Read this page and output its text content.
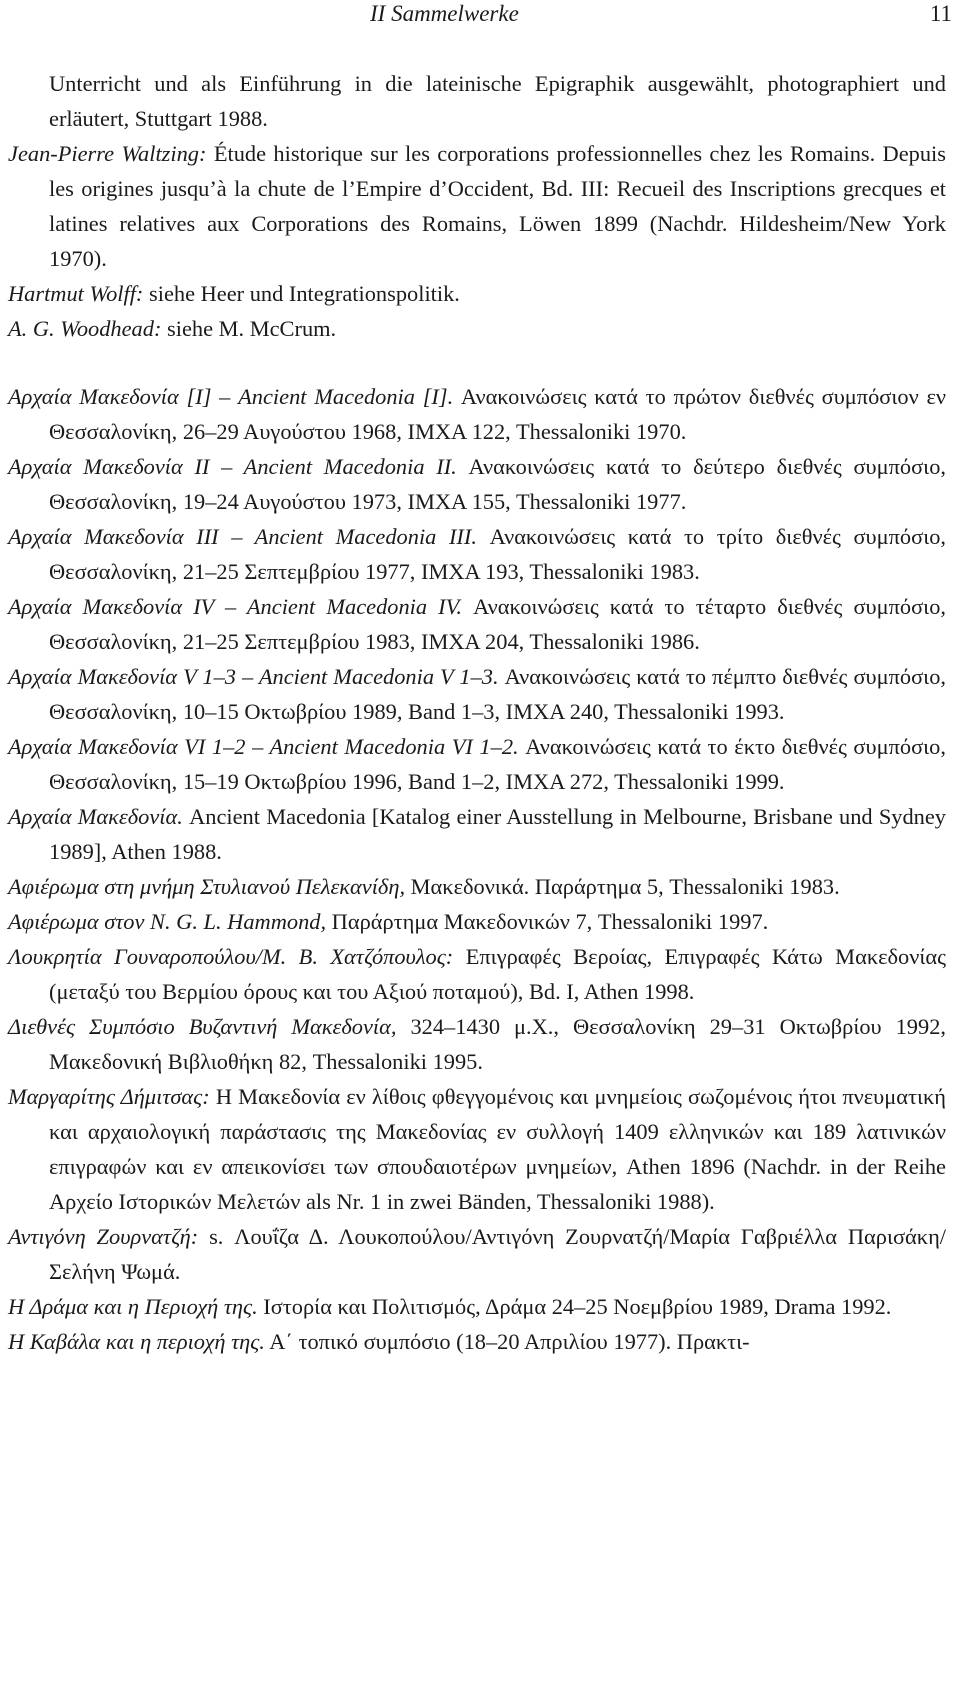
II Sammelwerke	11

Unterricht und als Einführung in die lateinische Epigraphik ausgewählt, photographiert und erläutert, Stuttgart 1988.

Jean-Pierre Waltzing: Étude historique sur les corporations professionnelles chez les Romains. Depuis les origines jusqu’à la chute de l’Empire d’Occident, Bd. III: Recueil des Inscriptions grecques et latines relatives aux Corporations des Romains, Löwen 1899 (Nachdr. Hildesheim/New York 1970).

Hartmut Wolff: siehe Heer und Integrationspolitik.

A. G. Woodhead: siehe M. McCrum.

Αρχαία Μακεδονία [I] – Ancient Macedonia [I]. Ανακοινώσεις κατά το πρώτον διεθνές συμπόσιον εν Θεσσαλονίκη, 26–29 Αυγούστου 1968, IMXA 122, Thessaloniki 1970.

Αρχαία Μακεδονία II – Ancient Macedonia II. Ανακοινώσεις κατά το δεύτερο διεθνές συμπόσιο, Θεσσαλονίκη, 19–24 Αυγούστου 1973, IMXA 155, Thessaloniki 1977.

Αρχαία Μακεδονία III – Ancient Macedonia III. Ανακοινώσεις κατά το τρίτο διεθνές συμπόσιο, Θεσσαλονίκη, 21–25 Σεπτεμβρίου 1977, IMXA 193, Thessaloniki 1983.

Αρχαία Μακεδονία IV – Ancient Macedonia IV. Ανακοινώσεις κατά το τέταρτο διεθνές συμπόσιο, Θεσσαλονίκη, 21–25 Σεπτεμβρίου 1983, IMXA 204, Thessaloniki 1986.

Αρχαία Μακεδονία V 1–3 – Ancient Macedonia V 1–3. Ανακοινώσεις κατά το πέμπτο διεθνές συμπόσιο, Θεσσαλονίκη, 10–15 Οκτωβρίου 1989, Band 1–3, IMXA 240, Thessaloniki 1993.

Αρχαία Μακεδονία VI 1–2 – Ancient Macedonia VI 1–2. Ανακοινώσεις κατά το έκτο διεθνές συμπόσιο, Θεσσαλονίκη, 15–19 Οκτωβρίου 1996, Band 1–2, IMXA 272, Thessaloniki 1999.

Αρχαία Μακεδονία. Ancient Macedonia [Katalog einer Ausstellung in Melbourne, Brisbane und Sydney 1989], Athen 1988.

Αφιέρωμα στη μνήμη Στυλιανού Πελεκανίδη, Μακεδονικά. Παράρτημα 5, Thessaloniki 1983.

Αφιέρωμα στον N. G. L. Hammond, Παράρτημα Μακεδονικών 7, Thessaloniki 1997.

Λουκρητία Γουναροπούλου/Μ. Β. Χατζόπουλος: Επιγραφές Βεροίας, Επιγραφές Κάτω Μακεδονίας (μεταξύ του Βερμίου όρους και του Αξιού ποταμού), Bd. I, Athen 1998.

Διεθνές Συμπόσιο Βυζαντινή Μακεδονία, 324–1430 μ.Χ., Θεσσαλονίκη 29–31 Οκτωβρίου 1992, Μακεδονική Βιβλιοθήκη 82, Thessaloniki 1995.

Μαργαρίτης Δήμιτσας: Η Μακεδονία εν λίθοις φθεγγομένοις και μνημείοις σωζομένοις ήτοι πνευματική και αρχαιολογική παράστασις της Μακεδονίας εν συλλογή 1409 ελληνικών και 189 λατινικών επιγραφών και εν απεικονίσει των σπουδαιοτέρων μνημείων, Athen 1896 (Nachdr. in der Reihe Αρχείο Ιστορικών Μελετών als Nr. 1 in zwei Bänden, Thessaloniki 1988).

Αντιγόνη Ζουρνατζή: s. Λουΐζα Δ. Λουκοπούλου/Αντιγόνη Ζουρνατζή/Μαρία Γαβριέλλα Παρισάκη/Σελήνη Ψωμά.

Η Δράμα και η Περιοχή της. Ιστορία και Πολιτισμός, Δράμα 24–25 Νοεμβρίου 1989, Drama 1992.

Η Καβάλα και η περιοχή της. Α΄ τοπικό συμπόσιο (18–20 Απριλίου 1977). Πρακτι-
